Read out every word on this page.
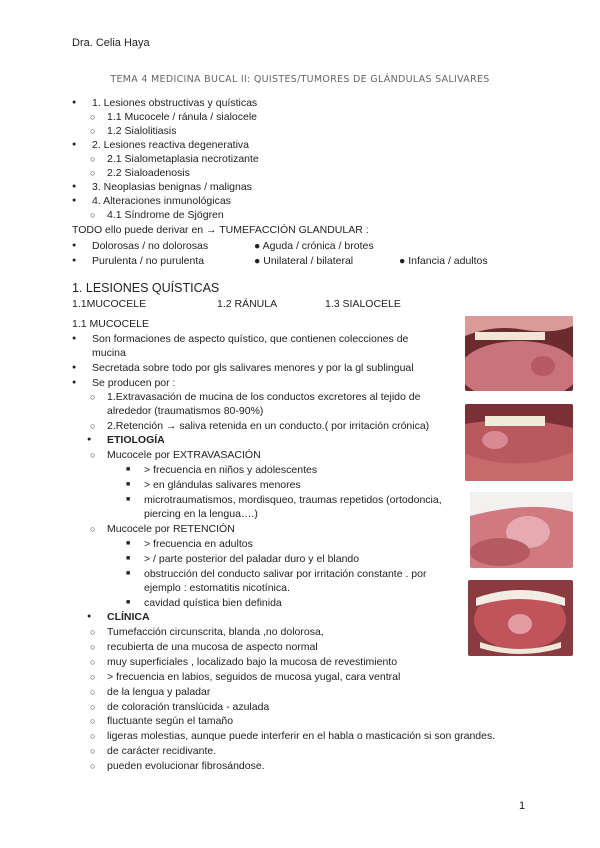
Dra. Celia Haya
TEMA 4 MEDICINA BUCAL II: QUISTES/TUMORES DE GLÁNDULAS SALIVARES
● 1. Lesiones obstructivas y quísticas
○ 1.1 Mucocele / ránula / sialocele
○ 1.2 Sialolitiasis
● 2. Lesiones reactiva degenerativa
○ 2.1 Sialometaplasia necrotizante
○ 2.2 Sialoadenosis
● 3. Neoplasias benignas / malignas
● 4. Alteraciones inmunológicas
○ 4.1 Síndrome de Sjögren
TODO ello puede derivar en → TUMEFACCIÓN GLANDULAR :
● Dolorosas / no dolorosas	● Aguda / crónica / brotes
● Purulenta / no purulenta	● Unilateral / bilateral	● Infancia / adultos
1. LESIONES QUÍSTICAS
1.1MUCOCELE	1.2 RÁNULA	1.3 SIALOCELE
1.1 MUCOCELE
● Son formaciones de aspecto quístico, que contienen colecciones de
mucina
● Secretada sobre todo por gls salivares menores y por la gl sublingual
● Se producen por :
○ 1.Extravasación de mucina de los conductos excretores al tejido de
alrededor (traumatismos 80-90%)
○ 2.Retención → saliva retenida en un conducto.( por irritación crónica)
● ETIOLOGÍA
○ Mucocele por EXTRAVASACIÓN
■ > frecuencia en niños y adolescentes
■ > en glándulas salivares menores
■ microtraumatismos, mordisqueo, traumas repetidos (ortodoncia,
piercing en la lengua….)
○ Mucocele por RETENCIÓN
■ > frecuencia en adultos
■ > / parte posterior del paladar duro y el blando
■ obstrucción del conducto salivar por irritación constante . por
ejemplo : estomatitis nicotínica.
■ cavidad quística bien definida
● CLÍNICA
○ Tumefacción circunscrita, blanda ,no dolorosa,
○ recubierta de una mucosa de aspecto normal
○ muy superficiales , localizado bajo la mucosa de revestimiento
○ > frecuencia en labios, seguidos de mucosa yugal, cara ventral
○ de la lengua y paladar
○ de coloración translúcida - azulada
○ fluctuante según el tamaño
○ ligeras molestias, aunque puede interferir en el habla o masticación si son grandes.
○ de carácter recidivante.
○ pueden evolucionar fibrosándose.
1
